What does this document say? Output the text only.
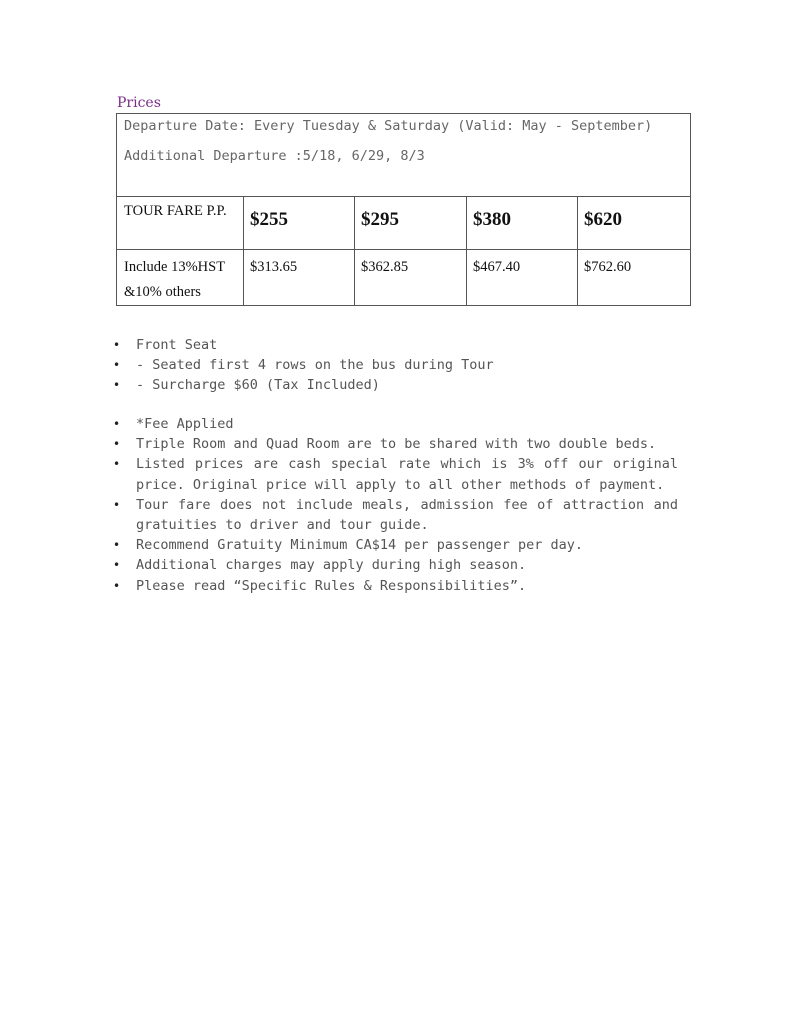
Prices
Departure Date: Every Tuesday & Saturday (Valid: May - September)
Additional Departure :5/18, 6/29, 8/3				

TOUR FARE P.P.	$255	$295	$380	$620

Include 13%HST
&10% others	$313.65	$362.85	$467.40	$762.60
• Front Seat
• - Seated first 4 rows on the bus during Tour
• - Surcharge $60 (Tax Included)
• *Fee Applied
• Triple Room and Quad Room are to be shared with two double beds.
• Listed prices are cash special rate which is 3% off our original price. Original price will apply to all other methods of payment.
• Tour fare does not include meals, admission fee of attraction and gratuities to driver and tour guide.
• Recommend Gratuity Minimum CA$14 per passenger per day.
• Additional charges may apply during high season.
• Please read “Specific Rules & Responsibilities”.
